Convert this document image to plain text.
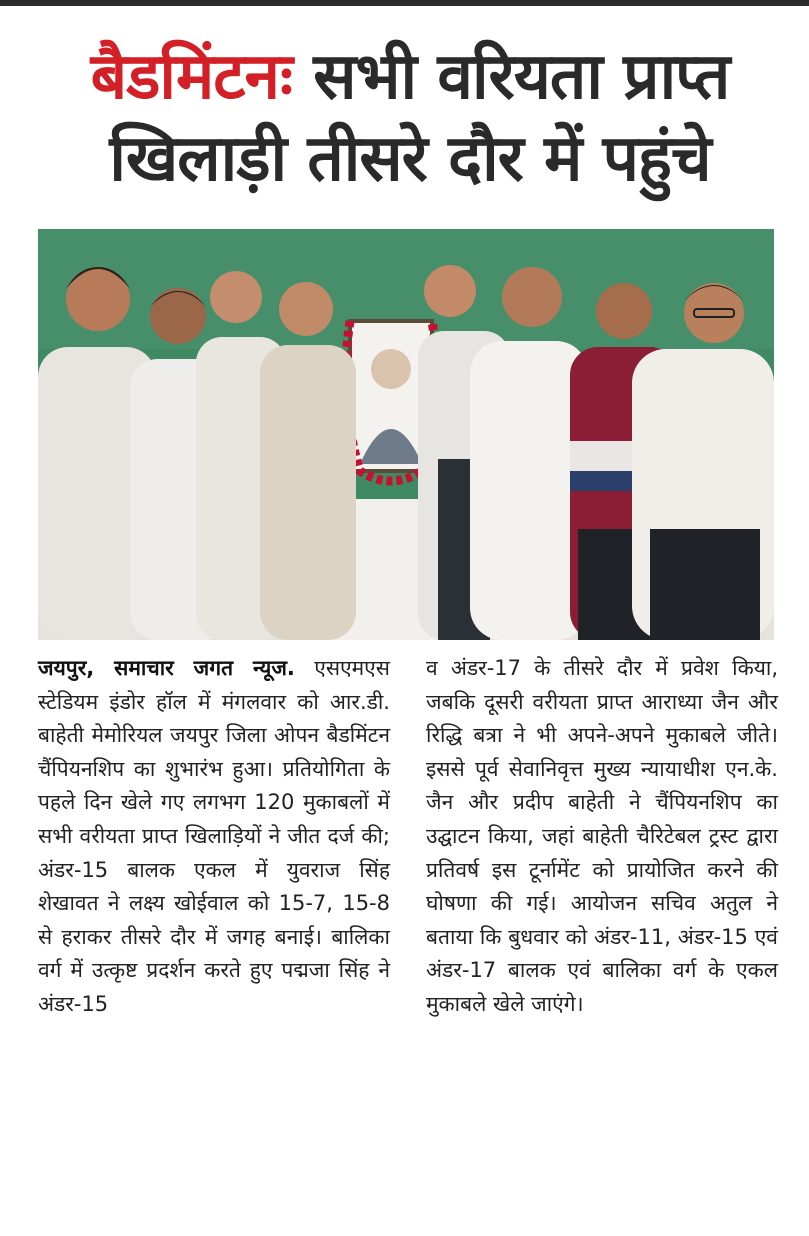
बैडमिंटनः सभी वरियता प्राप्त
खिलाड़ी तीसरे दौर में पहुंचे
जयपुर, समाचार जगत न्यूज. एसएमएस स्टेडियम इंडोर हॉल में मंगलवार को आर.डी. बाहेती मेमोरियल जयपुर जिला ओपन बैडमिंटन चैंपियनशिप का शुभारंभ हुआ। प्रतियोगिता के पहले दिन खेले गए लगभग 120 मुकाबलों में सभी वरीयता प्राप्त खिलाड़ियों ने जीत दर्ज की; अंडर-15 बालक एकल में युवराज सिंह शेखावत ने लक्ष्य खोईवाल को 15-7, 15-8 से हराकर तीसरे दौर में जगह बनाई। बालिका वर्ग में उत्कृष्ट प्रदर्शन करते हुए पद्मजा सिंह ने अंडर-15
व अंडर-17 के तीसरे दौर में प्रवेश किया, जबकि दूसरी वरीयता प्राप्त आराध्या जैन और रिद्धि बत्रा ने भी अपने-अपने मुकाबले जीते। इससे पूर्व सेवानिवृत्त मुख्य न्यायाधीश एन.के. जैन और प्रदीप बाहेती ने चैंपियनशिप का उद्घाटन किया, जहां बाहेती चैरिटेबल ट्रस्ट द्वारा प्रतिवर्ष इस टूर्नामेंट को प्रायोजित करने की घोषणा की गई। आयोजन सचिव अतुल ने बताया कि बुधवार को अंडर-11, अंडर-15 एवं अंडर-17 बालक एवं बालिका वर्ग के एकल मुकाबले खेले जाएंगे।
